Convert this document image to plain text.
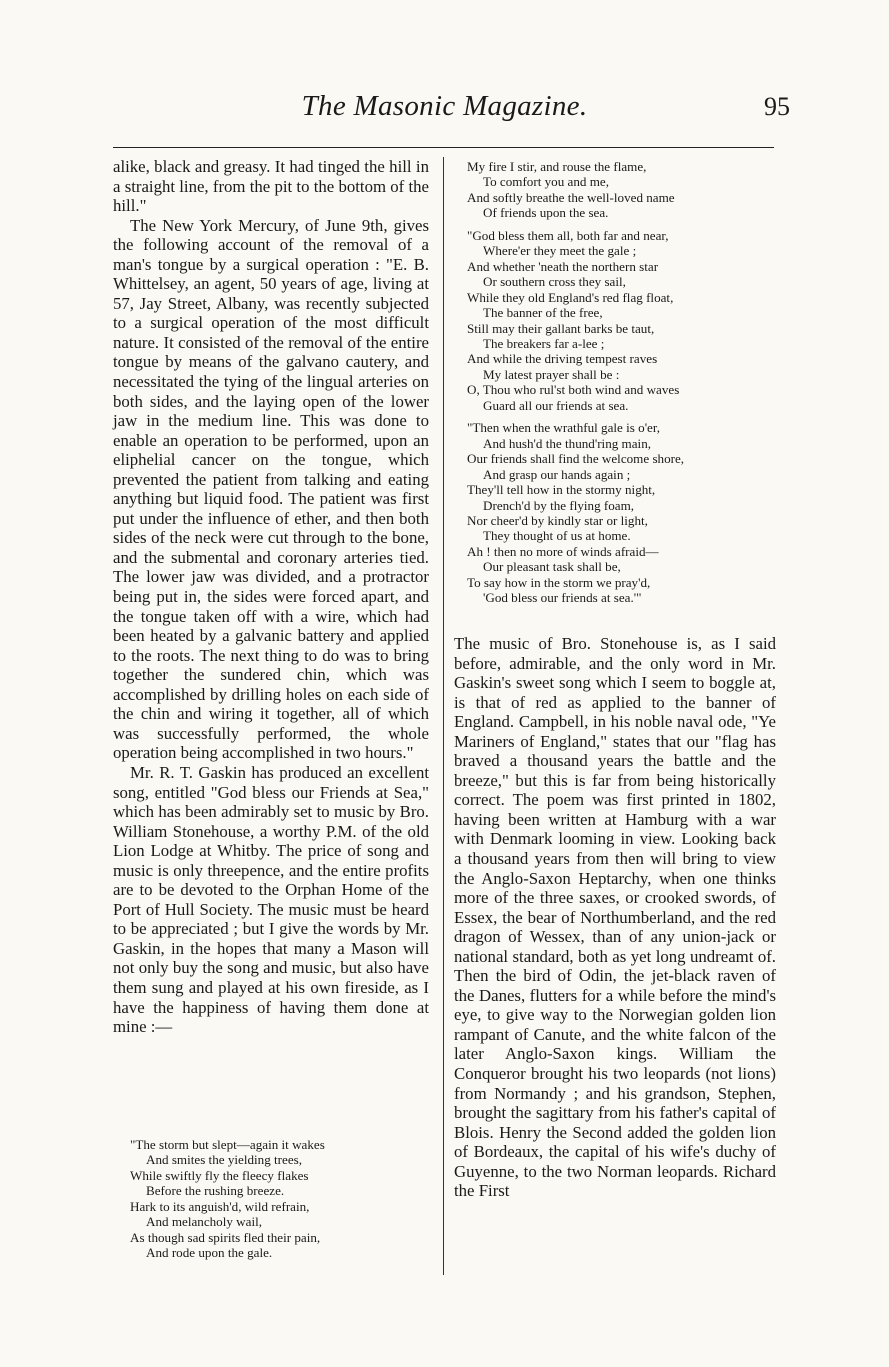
The Masonic Magazine.	95

alike, black and greasy. It had tinged the hill in a straight line, from the pit to the bottom of the hill."

The New York Mercury, of June 9th, gives the following account of the removal of a man's tongue by a surgical operation : "E. B. Whittelsey, an agent, 50 years of age, living at 57, Jay Street, Albany, was recently subjected to a surgical operation of the most difficult nature. It consisted of the removal of the entire tongue by means of the galvano cautery, and necessitated the tying of the lingual arteries on both sides, and the laying open of the lower jaw in the medium line. This was done to enable an operation to be performed, upon an eliphelial cancer on the tongue, which prevented the patient from talking and eating anything but liquid food. The patient was first put under the influence of ether, and then both sides of the neck were cut through to the bone, and the submental and coronary arteries tied. The lower jaw was divided, and a protractor being put in, the sides were forced apart, and the tongue taken off with a wire, which had been heated by a galvanic battery and applied to the roots. The next thing to do was to bring together the sundered chin, which was accomplished by drilling holes on each side of the chin and wiring it together, all of which was successfully performed, the whole operation being accomplished in two hours."

Mr. R. T. Gaskin has produced an excellent song, entitled "God bless our Friends at Sea," which has been admirably set to music by Bro. William Stonehouse, a worthy P.M. of the old Lion Lodge at Whitby. The price of song and music is only threepence, and the entire profits are to be devoted to the Orphan Home of the Port of Hull Society. The music must be heard to be appreciated ; but I give the words by Mr. Gaskin, in the hopes that many a Mason will not only buy the song and music, but also have them sung and played at his own fireside, as I have the happiness of having them done at mine :—

"The storm but slept—again it wakes
And smites the yielding trees,
While swiftly fly the fleecy flakes
Before the rushing breeze.
Hark to its anguish'd, wild refrain,
And melancholy wail,
As though sad spirits fled their pain,
And rode upon the gale.
My fire I stir, and rouse the flame,
To comfort you and me,
And softly breathe the well-loved name
Of friends upon the sea.
"God bless them all, both far and near,
Where'er they meet the gale ;
And whether 'neath the northern star
Or southern cross they sail,
While they old England's red flag float,
The banner of the free,
Still may their gallant barks be taut,
The breakers far a-lee ;
And while the driving tempest raves
My latest prayer shall be :
O, Thou who rul'st both wind and waves
Guard all our friends at sea.
"Then when the wrathful gale is o'er,
And hush'd the thund'ring main,
Our friends shall find the welcome shore,
And grasp our hands again ;
They'll tell how in the stormy night,
Drench'd by the flying foam,
Nor cheer'd by kindly star or light,
They thought of us at home.
Ah ! then no more of winds afraid—
Our pleasant task shall be,
To say how in the storm we pray'd,
'God bless our friends at sea.'"

The music of Bro. Stonehouse is, as I said before, admirable, and the only word in Mr. Gaskin's sweet song which I seem to boggle at, is that of red as applied to the banner of England. Campbell, in his noble naval ode, "Ye Mariners of England," states that our "flag has braved a thousand years the battle and the breeze," but this is far from being historically correct. The poem was first printed in 1802, having been written at Hamburg with a war with Denmark looming in view. Looking back a thousand years from then will bring to view the Anglo-Saxon Heptarchy, when one thinks more of the three saxes, or crooked swords, of Essex, the bear of Northumberland, and the red dragon of Wessex, than of any union-jack or national standard, both as yet long undreamt of. Then the bird of Odin, the jet-black raven of the Danes, flutters for a while before the mind's eye, to give way to the Norwegian golden lion rampant of Canute, and the white falcon of the later Anglo-Saxon kings. William the Conqueror brought his two leopards (not lions) from Normandy ; and his grandson, Stephen, brought the sagittary from his father's capital of Blois. Henry the Second added the golden lion of Bordeaux, the capital of his wife's duchy of Guyenne, to the two Norman leopards. Richard the First
